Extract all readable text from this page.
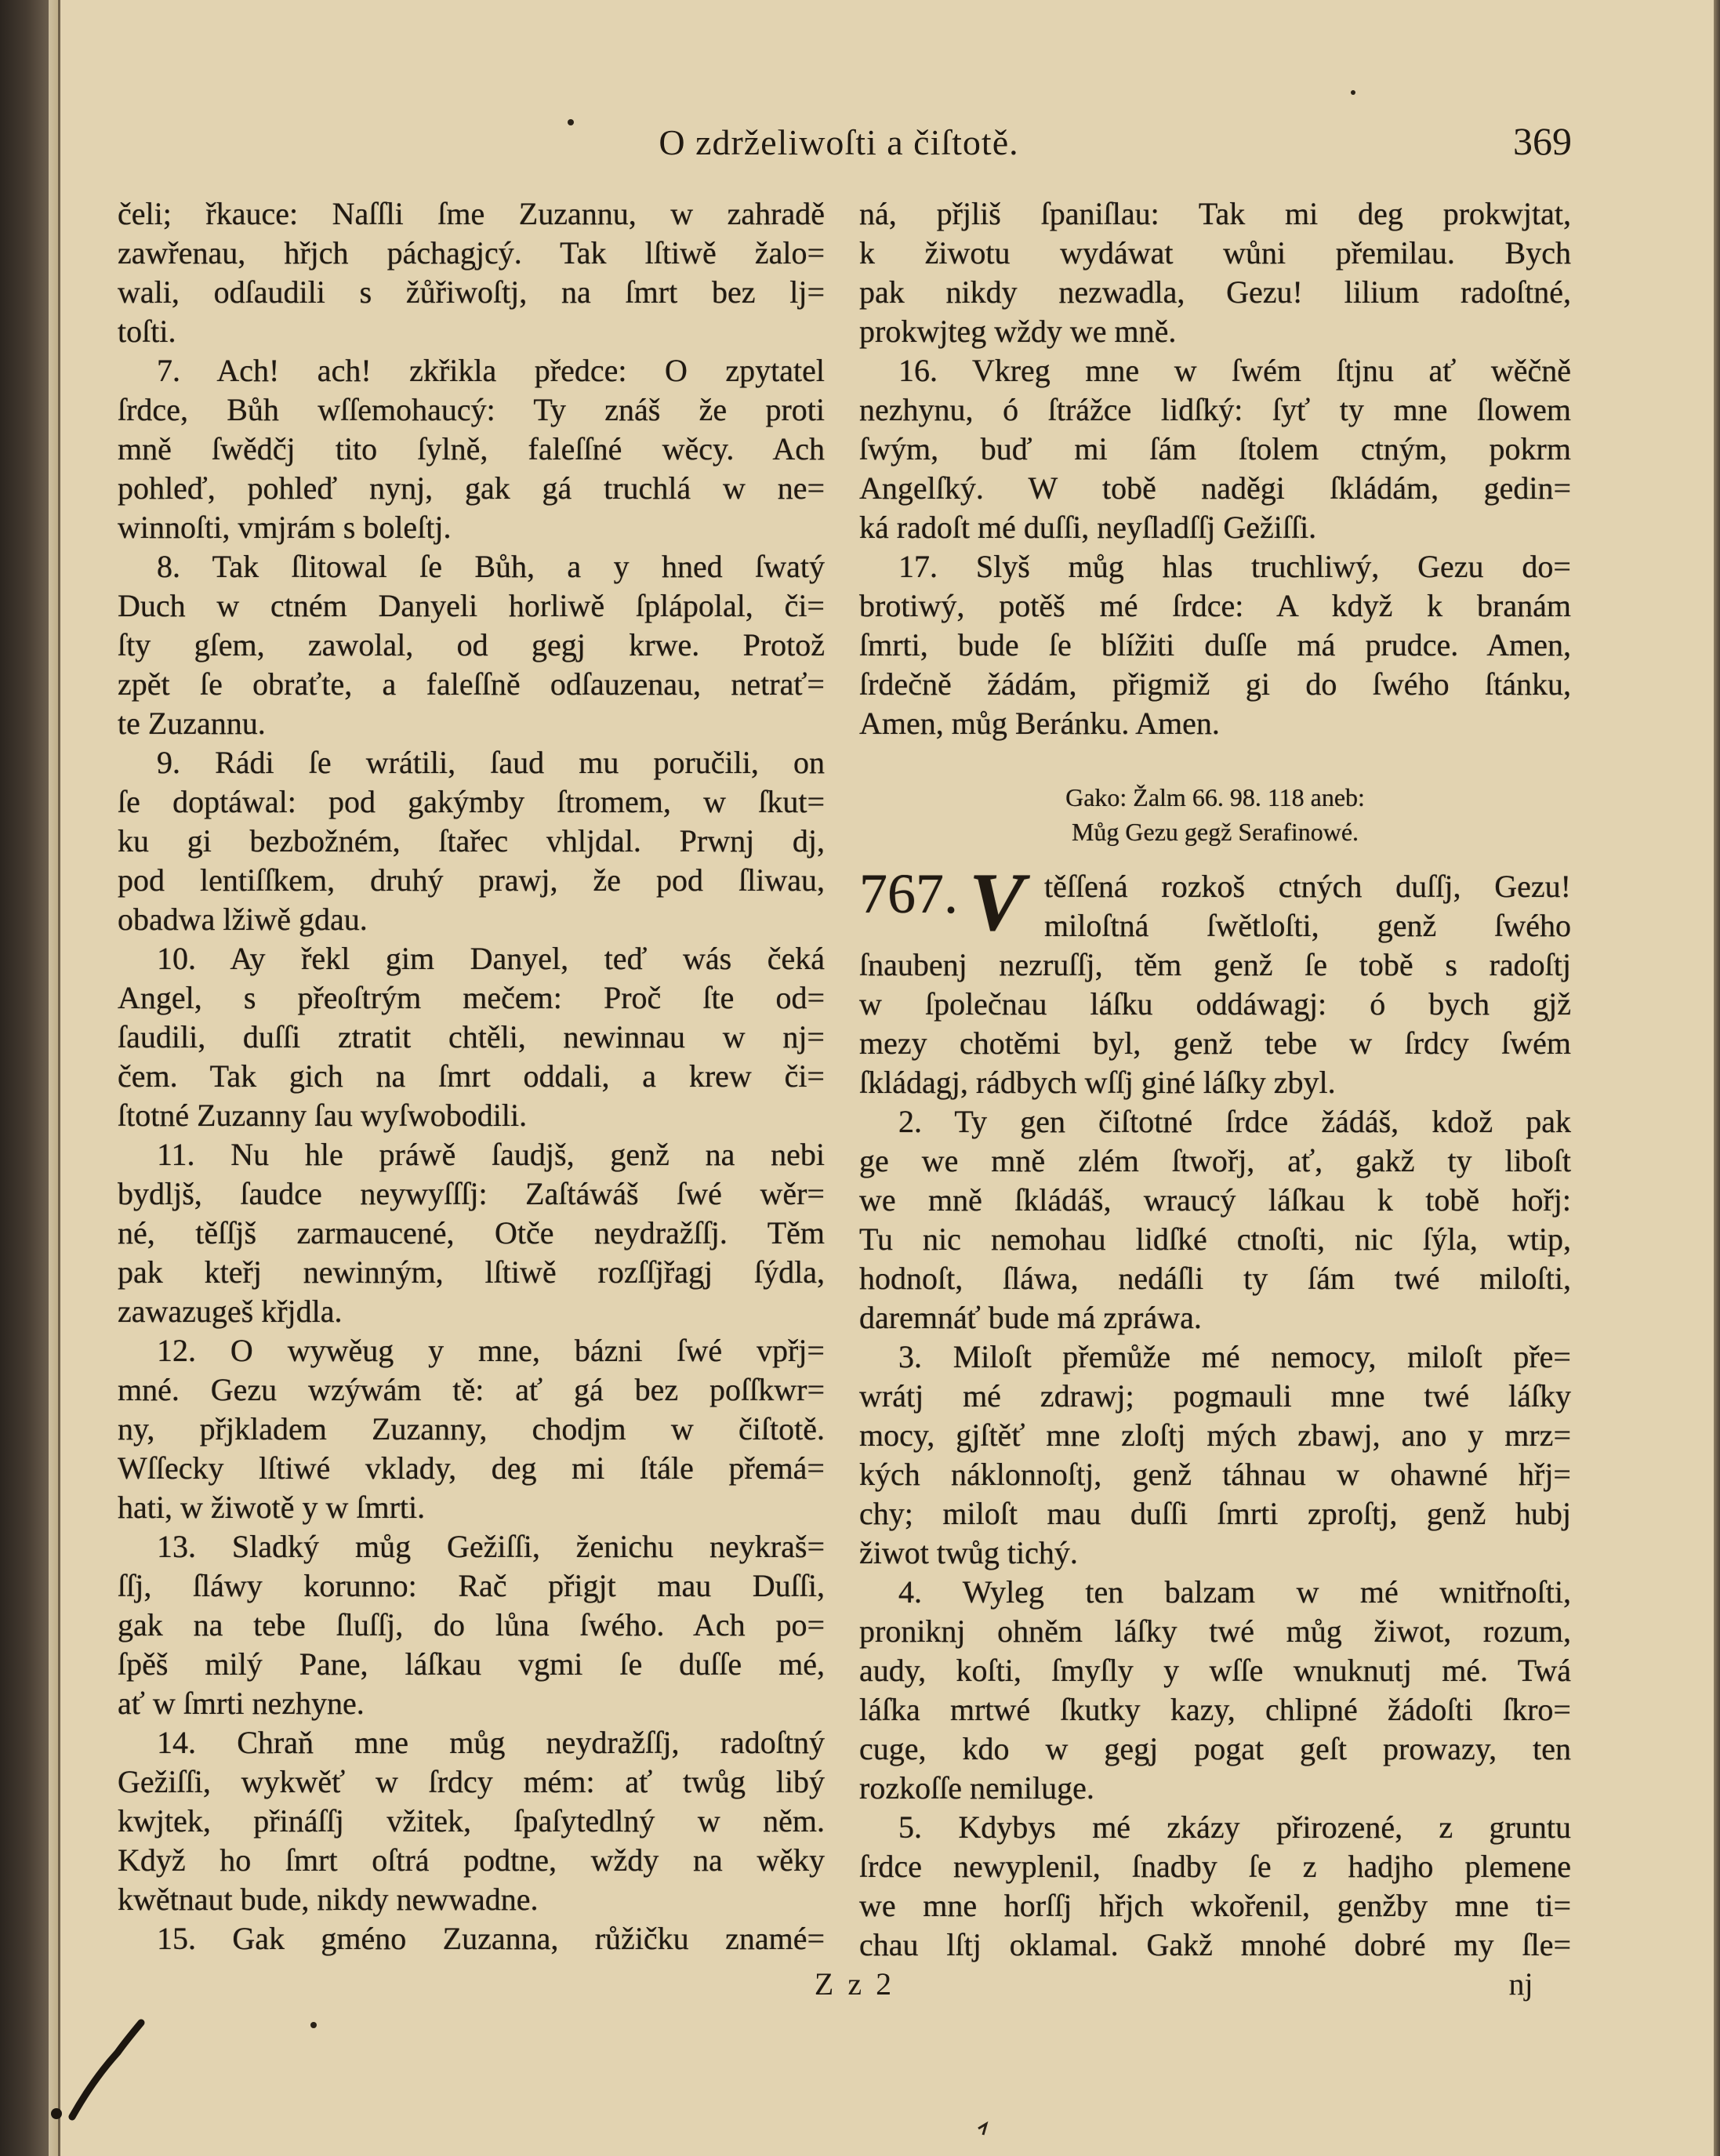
O zdrželiwoſti a čiſtotě.	369
čeli; řkauce: Naſſli ſme Zuzannu, w zahradě
zawřenau, hřjch páchagjcý. Tak lſtiwě žalo=
wali, odſaudili s žůřiwoſtj, na ſmrt bez lj=
toſti.
7. Ach! ach! zkřikla předce: O zpytatel
ſrdce, Bůh wſſemohaucý: Ty znáš že proti
mně ſwědčj tito ſylně, faleſſné wěcy. Ach
pohleď, pohleď nynj, gak gá truchlá w ne=
winnoſti, vmjrám s boleſtj.
8. Tak ſlitowal ſe Bůh, a y hned ſwatý
Duch w ctném Danyeli horliwě ſplápolal, či=
ſty gſem, zawolal, od gegj krwe. Protož
zpět ſe obraťte, a faleſſně odſauzenau, netrať=
te Zuzannu.
9. Rádi ſe wrátili, ſaud mu poručili, on
ſe doptáwal: pod gakýmby ſtromem, w ſkut=
ku gi bezbožném, ſtařec vhljdal. Prwnj dj,
pod lentiſſkem, druhý prawj, že pod ſliwau,
obadwa lžiwě gdau.
10. Ay řekl gim Danyel, teď wás čeká
Angel, s přeoſtrým mečem: Proč ſte od=
ſaudili, duſſi ztratit chtěli, newinnau w nj=
čem. Tak gich na ſmrt oddali, a krew či=
ſtotné Zuzanny ſau wyſwobodili.
11. Nu hle práwě ſaudjš, genž na nebi
bydljš, ſaudce neywyſſſj: Zaſtáwáš ſwé wěr=
né, těſſjš zarmaucené, Otče neydražſſj. Těm
pak kteřj newinným, lſtiwě rozſſjřagj ſýdla,
zawazugeš křjdla.
12. O wywěug y mne, bázni ſwé vpřj=
mné. Gezu wzýwám tě: ať gá bez poſſkwr=
ny, přjkladem Zuzanny, chodjm w čiſtotě.
Wſſecky lſtiwé vklady, deg mi ſtále přemá=
hati, w žiwotě y w ſmrti.
13. Sladký můg Gežiſſi, ženichu neykraš=
ſſj, ſláwy korunno: Rač přigjt mau Duſſi,
gak na tebe ſluſſj, do lůna ſwého. Ach po=
ſpěš milý Pane, láſkau vgmi ſe duſſe mé,
ať w ſmrti nezhyne.
14. Chraň mne můg neydražſſj, radoſtný
Gežiſſi, wykwěť w ſrdcy mém: ať twůg libý
kwjtek, přináſſj vžitek, ſpaſytedlný w něm.
Když ho ſmrt oſtrá podtne, wždy na wěky
kwětnaut bude, nikdy newwadne.
15. Gak gméno Zuzanna, růžičku znamé=
ná, přjliš ſpaniſlau: Tak mi deg prokwjtat,
k žiwotu wydáwat wůni přemilau. Bych
pak nikdy nezwadla, Gezu! lilium radoſtné,
prokwjteg wždy we mně.
16. Vkreg mne w ſwém ſtjnu ať wěčně
nezhynu, ó ſtrážce lidſký: ſyť ty mne ſlowem
ſwým, buď mi ſám ſtolem ctným, pokrm
Angelſký. W tobě naděgi ſkládám, gedin=
ká radoſt mé duſſi, neyſladſſj Gežiſſi.
17. Slyš můg hlas truchliwý, Gezu do=
brotiwý, potěš mé ſrdce: A když k branám
ſmrti, bude ſe blížiti duſſe má prudce. Amen,
ſrdečně žádám, přigmiž gi do ſwého ſtánku,
Amen, můg Beránku. Amen.
Gako: Žalm 66. 98. 118 aneb:
Můg Gezu gegž Serafinowé.
767. V těſſená rozkoš ctných duſſj, Gezu!
miloſtná ſwětloſti, genž ſwého
ſnaubenj nezruſſj, těm genž ſe tobě s radoſtj
w ſpolečnau láſku oddáwagj: ó bych gjž
mezy chotěmi byl, genž tebe w ſrdcy ſwém
ſkládagj, rádbych wſſj giné láſky zbyl.
2. Ty gen čiſtotné ſrdce žádáš, kdož pak
ge we mně zlém ſtwořj, ať, gakž ty liboſt
we mně ſkládáš, wraucý láſkau k tobě hořj:
Tu nic nemohau lidſké ctnoſti, nic ſýla, wtip,
hodnoſt, ſláwa, nedáſli ty ſám twé miloſti,
daremnáť bude má zpráwa.
3. Miloſt přemůže mé nemocy, miloſt pře=
wrátj mé zdrawj; pogmauli mne twé láſky
mocy, gjſtěť mne zloſtj mých zbawj, ano y mrz=
kých náklonnoſtj, genž táhnau w ohawné hřj=
chy; miloſt mau duſſi ſmrti zproſtj, genž hubj
žiwot twůg tichý.
4. Wyleg ten balzam w mé wnitřnoſti,
proniknj ohněm láſky twé můg žiwot, rozum,
audy, koſti, ſmyſly y wſſe wnuknutj mé. Twá
láſka mrtwé ſkutky kazy, chlipné žádoſti ſkro=
cuge, kdo w gegj pogat geſt prowazy, ten
rozkoſſe nemiluge.
5. Kdybys mé zkázy přirozené, z gruntu
ſrdce newyplenil, ſnadby ſe z hadjho plemene
we mne horſſj hřjch wkořenil, genžby mne ti=
chau lſtj oklamal. Gakž mnohé dobré my ſle=
Z z 2	nj
